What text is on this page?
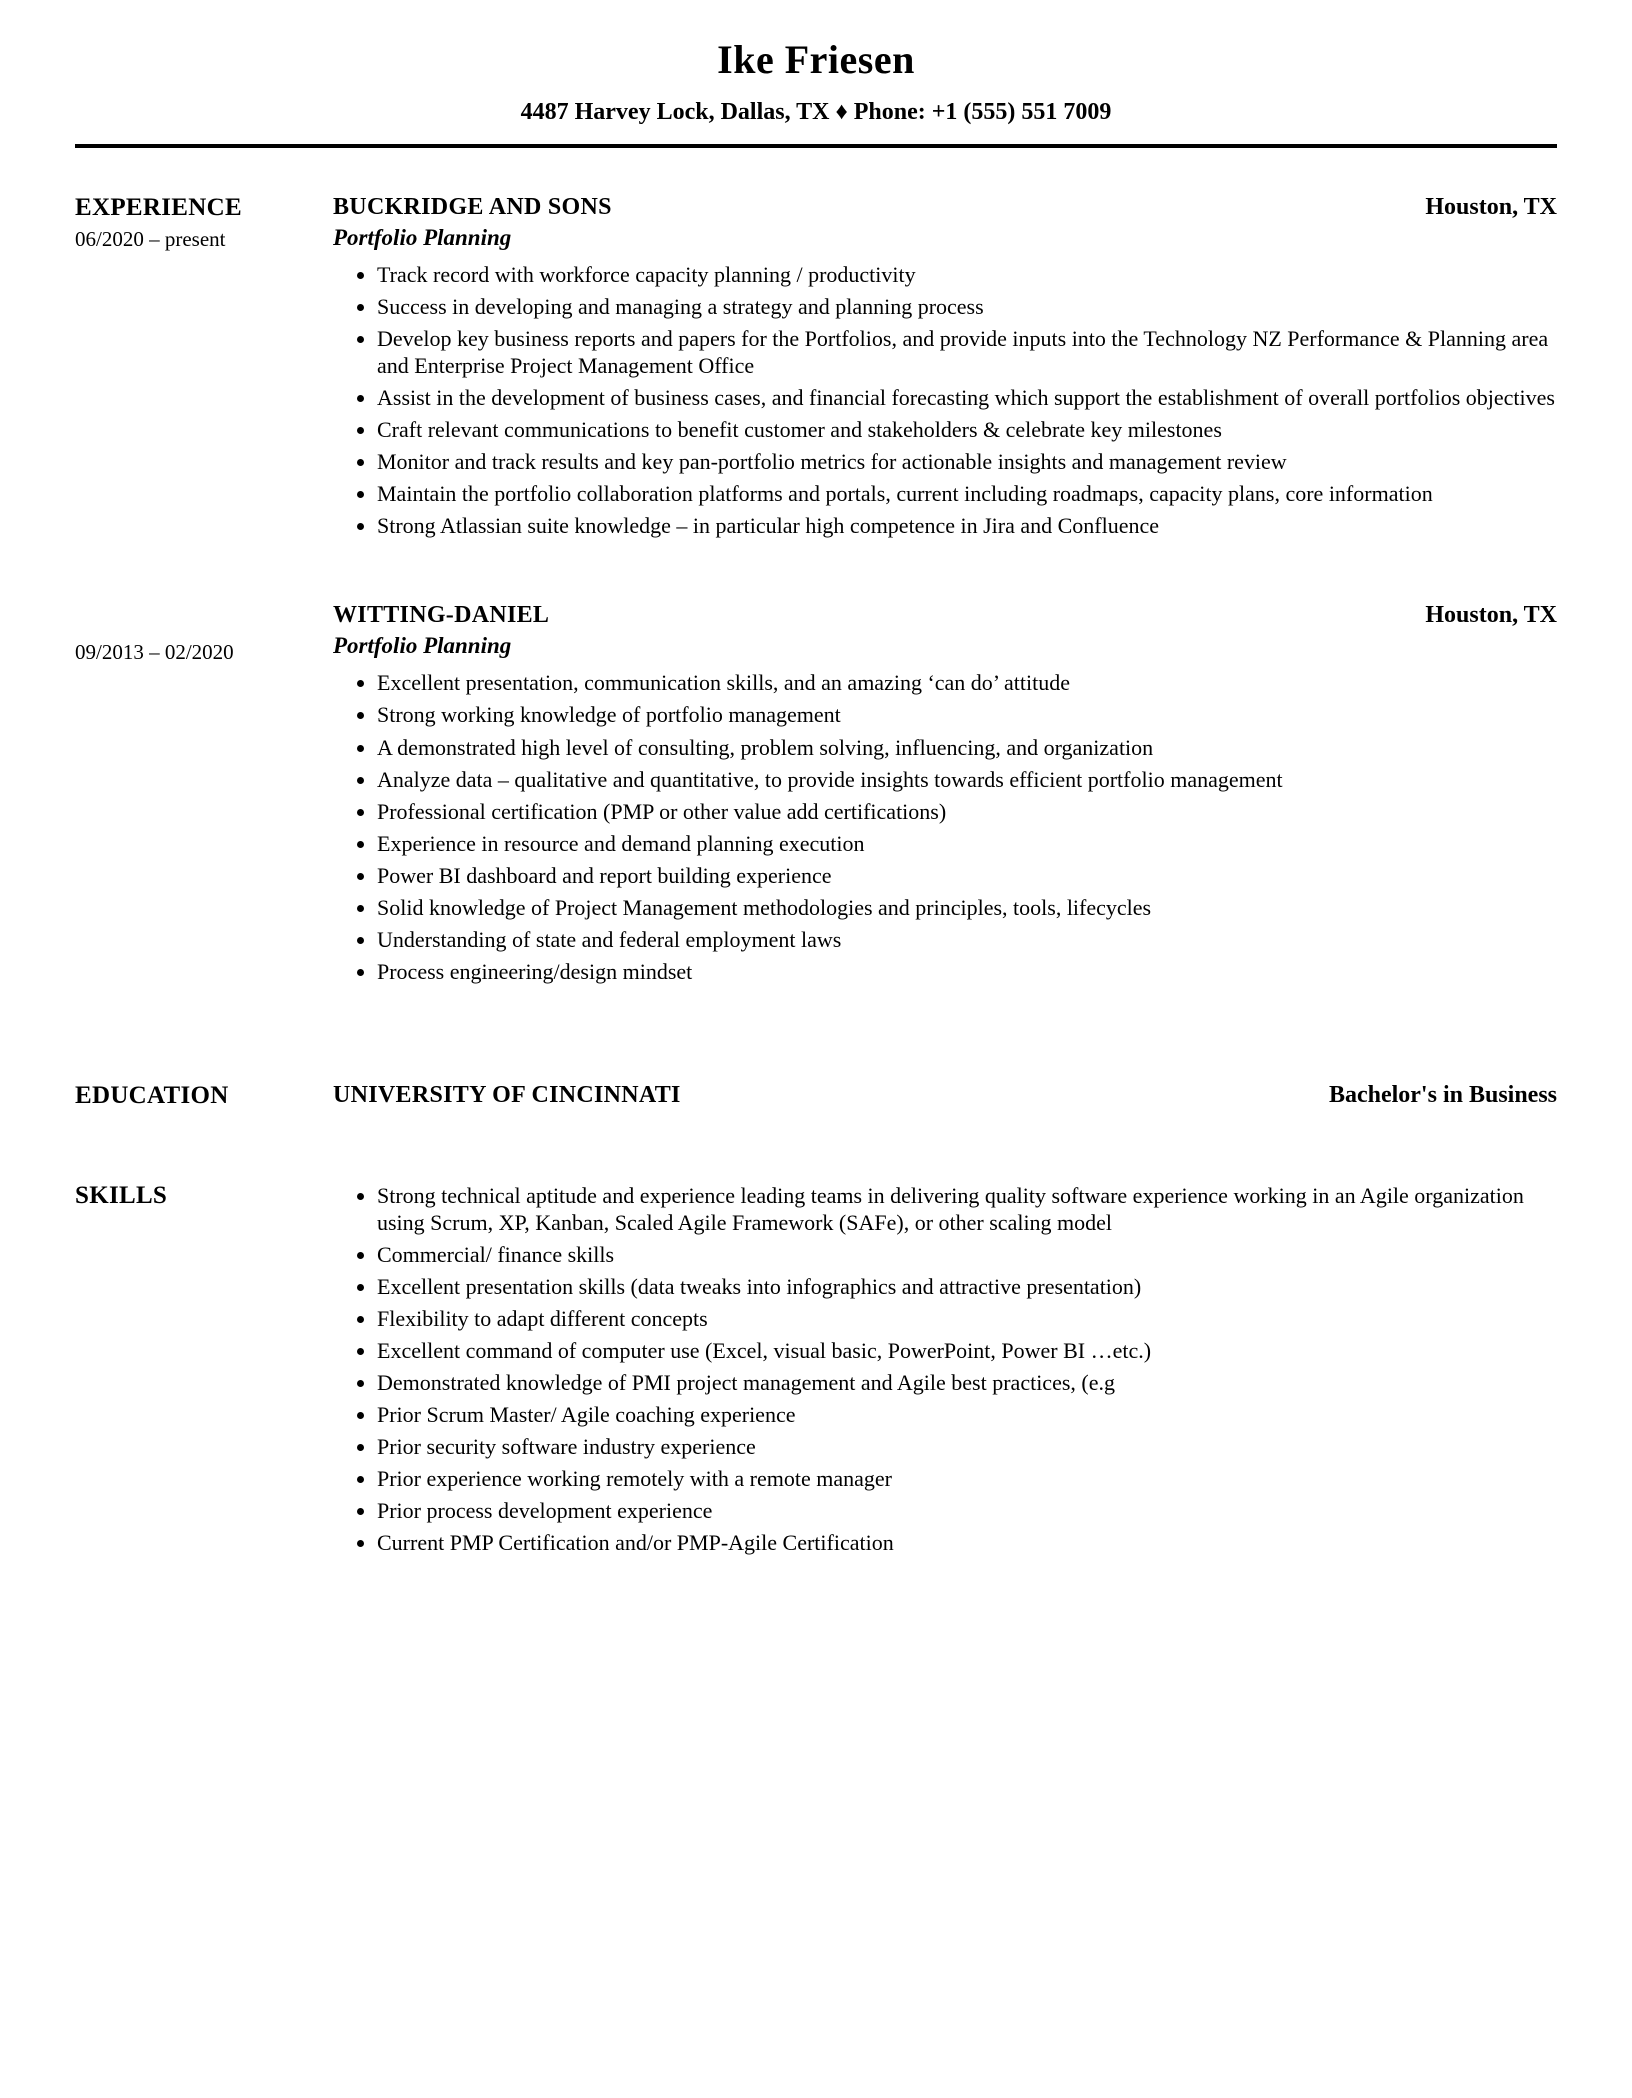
Ike Friesen
4487 Harvey Lock, Dallas, TX ♦ Phone: +1 (555) 551 7009
EXPERIENCE
06/2020 – present
BUCKRIDGE AND SONS	Houston, TX
Portfolio Planning
• Track record with workforce capacity planning / productivity
• Success in developing and managing a strategy and planning process
• Develop key business reports and papers for the Portfolios, and provide inputs into the Technology NZ Performance & Planning area and Enterprise Project Management Office
• Assist in the development of business cases, and financial forecasting which support the establishment of overall portfolios objectives
• Craft relevant communications to benefit customer and stakeholders & celebrate key milestones
• Monitor and track results and key pan-portfolio metrics for actionable insights and management review
• Maintain the portfolio collaboration platforms and portals, current including roadmaps, capacity plans, core information
• Strong Atlassian suite knowledge – in particular high competence in Jira and Confluence
09/2013 – 02/2020
WITTING-DANIEL	Houston, TX
Portfolio Planning
• Excellent presentation, communication skills, and an amazing ‘can do’ attitude
• Strong working knowledge of portfolio management
• A demonstrated high level of consulting, problem solving, influencing, and organization
• Analyze data – qualitative and quantitative, to provide insights towards efficient portfolio management
• Professional certification (PMP or other value add certifications)
• Experience in resource and demand planning execution
• Power BI dashboard and report building experience
• Solid knowledge of Project Management methodologies and principles, tools, lifecycles
• Understanding of state and federal employment laws
• Process engineering/design mindset
EDUCATION	UNIVERSITY OF CINCINNATI	Bachelor's in Business
SKILLS	• Strong technical aptitude and experience leading teams in delivering quality software experience working in an Agile organization using Scrum, XP, Kanban, Scaled Agile Framework (SAFe), or other scaling model
• Commercial/ finance skills
• Excellent presentation skills (data tweaks into infographics and attractive presentation)
• Flexibility to adapt different concepts
• Excellent command of computer use (Excel, visual basic, PowerPoint, Power BI …etc.)
• Demonstrated knowledge of PMI project management and Agile best practices, (e.g
• Prior Scrum Master/ Agile coaching experience
• Prior security software industry experience
• Prior experience working remotely with a remote manager
• Prior process development experience
• Current PMP Certification and/or PMP-Agile Certification
